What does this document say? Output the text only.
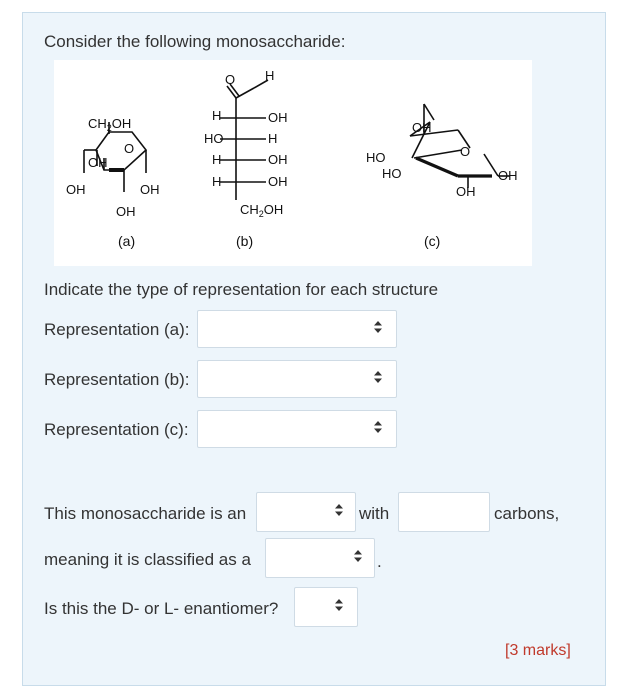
Consider the following monosaccharide:
$CH_2OH$
O
OH
OH	OH
OH
(a)
O H
H	OH
HO	H
H	OH
H	OH
$CH_2OH$
(b)
OH
HO
HO
O
OH
OH
(c)
Indicate the type of representation for each structure
Representation (a):
Representation (b):
Representation (c):
This monosaccharide is an	with	carbons,
meaning it is classified as a	.
Is this the D- or L- enantiomer?
[3 marks]
